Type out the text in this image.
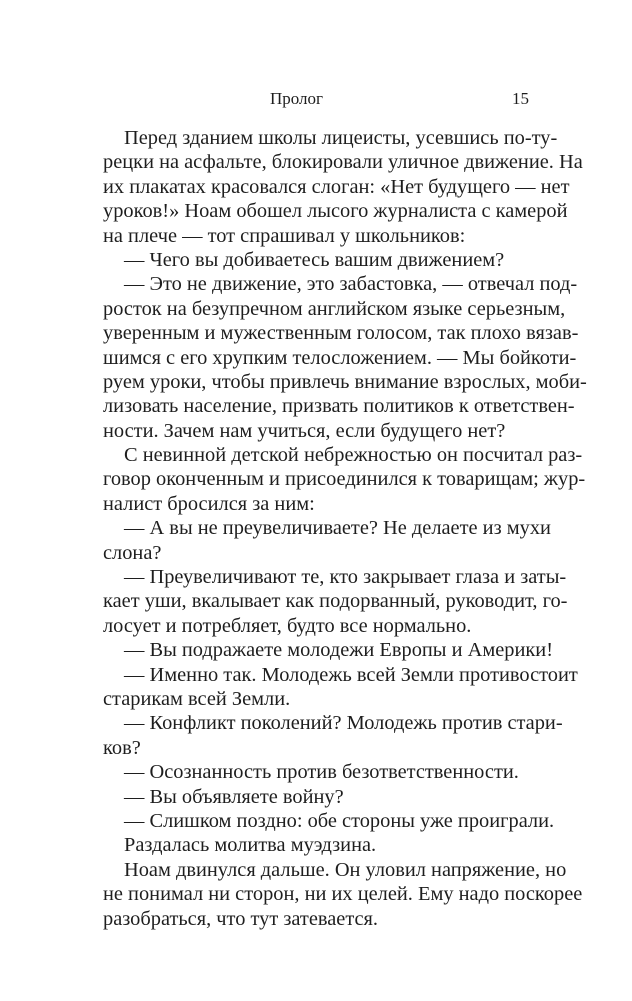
Пролог	15
Перед зданием школы лицеисты, усевшись по-ту-
рецки на асфальте, блокировали уличное движение. На
их плакатах красовался слоган: «Нет будущего — нет
уроков!» Ноам обошел лысого журналиста с камерой
на плече — тот спрашивал у школьников:
— Чего вы добиваетесь вашим движением?
— Это не движение, это забастовка, — отвечал под-
росток на безупречном английском языке серьезным,
уверенным и мужественным голосом, так плохо вязав-
шимся с его хрупким телосложением. — Мы бойкоти-
руем уроки, чтобы привлечь внимание взрослых, моби-
лизовать население, призвать политиков к ответствен-
ности. Зачем нам учиться, если будущего нет?
С невинной детской небрежностью он посчитал раз-
говор оконченным и присоединился к товарищам; жур-
налист бросился за ним:
— А вы не преувеличиваете? Не делаете из мухи
слона?
— Преувеличивают те, кто закрывает глаза и заты-
кает уши, вкалывает как подорванный, руководит, го-
лосует и потребляет, будто все нормально.
— Вы подражаете молодежи Европы и Америки!
— Именно так. Молодежь всей Земли противостоит
старикам всей Земли.
— Конфликт поколений? Молодежь против стари-
ков?
— Осознанность против безответственности.
— Вы объявляете войну?
— Слишком поздно: обе стороны уже проиграли.
Раздалась молитва муэдзина.
Ноам двинулся дальше. Он уловил напряжение, но
не понимал ни сторон, ни их целей. Ему надо поскорее
разобраться, что тут затевается.
